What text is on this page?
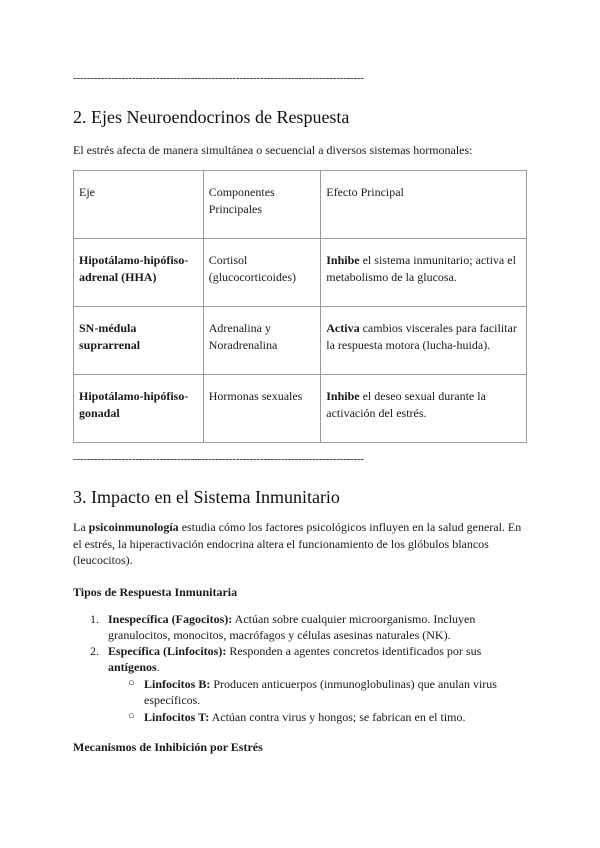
------------------------------------------------------------------------------------
2. Ejes Neuroendocrinos de Respuesta

El estrés afecta de manera simultánea o secuencial a diversos sistemas hormonales:

Eje	Componentes Principales	Efecto Principal
Hipotálamo-hipófiso-adrenal (HHA)	Cortisol (glucocorticoides)	Inhibe el sistema inmunitario; activa el metabolismo de la glucosa.
SN-médula suprarrenal	Adrenalina y Noradrenalina	Activa cambios viscerales para facilitar la respuesta motora (lucha-huida).
Hipotálamo-hipófiso-gonadal	Hormonas sexuales	Inhibe el deseo sexual durante la activación del estrés.
------------------------------------------------------------------------------------
3. Impacto en el Sistema Inmunitario

La psicoinmunología estudia cómo los factores psicológicos influyen en la salud general. En el estrés, la hiperactivación endocrina altera el funcionamiento de los glóbulos blancos (leucocitos).

Tipos de Respuesta Inmunitaria
1. Inespecífica (Fagocitos): Actúan sobre cualquier microorganismo. Incluyen granulocitos, monocitos, macrófagos y células asesinas naturales (NK).
2. Específica (Linfocitos): Responden a agentes concretos identificados por sus antígenos.
○ Linfocitos B: Producen anticuerpos (inmunoglobulinas) que anulan virus específicos.
○ Linfocitos T: Actúan contra virus y hongos; se fabrican en el timo.
Mecanismos de Inhibición por Estrés
